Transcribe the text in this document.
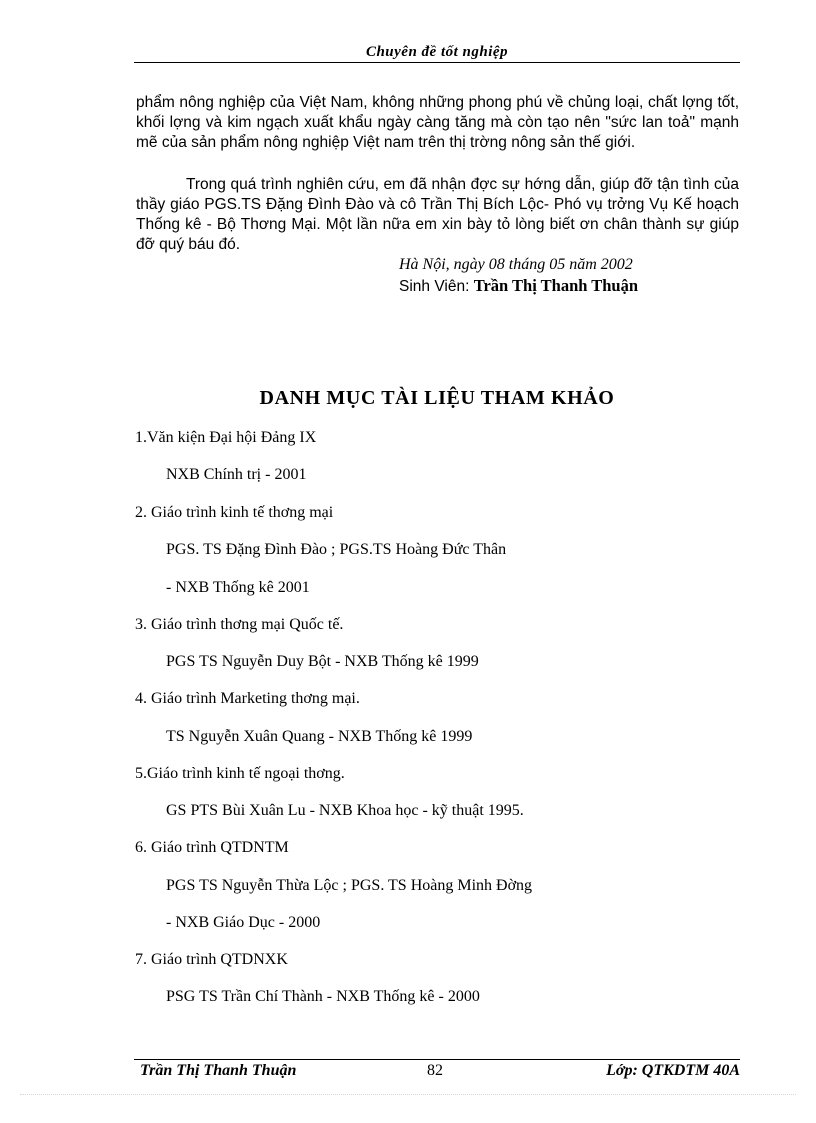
Chuyên đề tốt nghiệp
phẩm nông nghiệp của Việt Nam, không những phong phú về chủng loại, chất lợng tốt, khối lợng và kim ngạch xuất khẩu ngày càng tăng mà còn tạo nên "sức lan toả" mạnh mẽ của sản phẩm nông nghiệp Việt nam trên thị trờng nông sản thế giới.
Trong quá trình nghiên cứu, em đã nhận đợc sự hớng dẫn, giúp đỡ tận tình của thầy giáo PGS.TS Đặng Đình Đào và cô Trần Thị Bích Lộc- Phó vụ trởng Vụ Kế hoạch Thống kê - Bộ Thơng Mại. Một lần nữa em xin bày tỏ lòng biết ơn chân thành sự giúp đỡ quý báu đó.
Hà Nội, ngày 08 tháng 05 năm 2002
Sinh Viên: Trần Thị Thanh Thuận
DANH MỤC TÀI LIỆU THAM KHẢO
1.Văn kiện Đại hội Đảng IX
NXB Chính trị - 2001
2. Giáo trình kinh tế thơng mại
PGS. TS Đặng Đình Đào ; PGS.TS Hoàng Đức Thân
- NXB Thống kê 2001
3. Giáo trình thơng mại Quốc tế.
PGS TS Nguyễn Duy Bột - NXB Thống kê 1999
4. Giáo trình Marketing thơng mại.
TS Nguyễn Xuân Quang - NXB Thống kê 1999
5.Giáo trình kinh tế ngoại thơng.
GS PTS Bùi Xuân Lu - NXB Khoa học - kỹ thuật 1995.
6. Giáo trình QTDNTM
PGS TS Nguyễn Thừa Lộc ; PGS. TS Hoàng Minh Đờng
- NXB Giáo Dục - 2000
7. Giáo trình QTDNXK
PSG TS Trần Chí Thành - NXB Thống kê - 2000
Trần Thị Thanh Thuận	82	Lớp: QTKDTM 40A
